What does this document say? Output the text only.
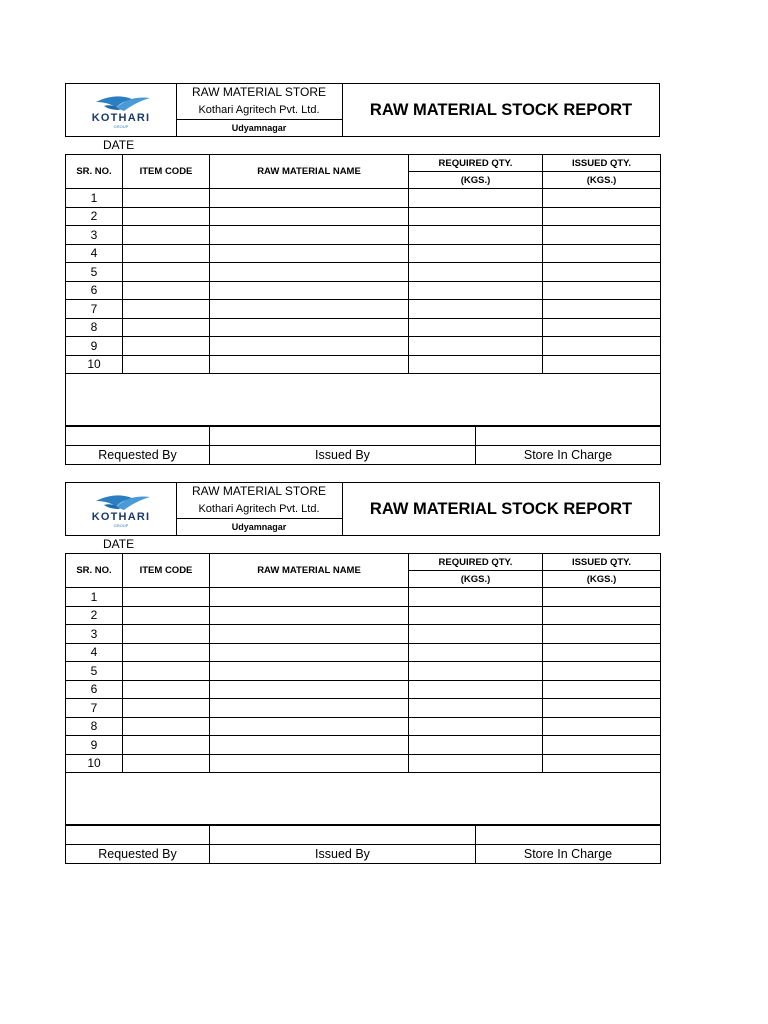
KOTHARI
GROUP
RAW MATERIAL STORE
Kothari Agritech Pvt. Ltd.
Udyamnagar
RAW MATERIAL STOCK REPORT
DATE
SR. NO.	ITEM CODE	RAW MATERIAL NAME	REQUIRED QTY.	ISSUED QTY.
			(KGS.)	(KGS.)
1				
2				
3				
4				
5				
6				
7				
8				
9				
10				

Requested By	Issued By	Store In Charge
KOTHARI
GROUP
RAW MATERIAL STORE
Kothari Agritech Pvt. Ltd.
Udyamnagar
RAW MATERIAL STOCK REPORT
DATE
SR. NO.	ITEM CODE	RAW MATERIAL NAME	REQUIRED QTY.	ISSUED QTY.
			(KGS.)	(KGS.)
1				
2				
3				
4				
5				
6				
7				
8				
9				
10				

Requested By	Issued By	Store In Charge
